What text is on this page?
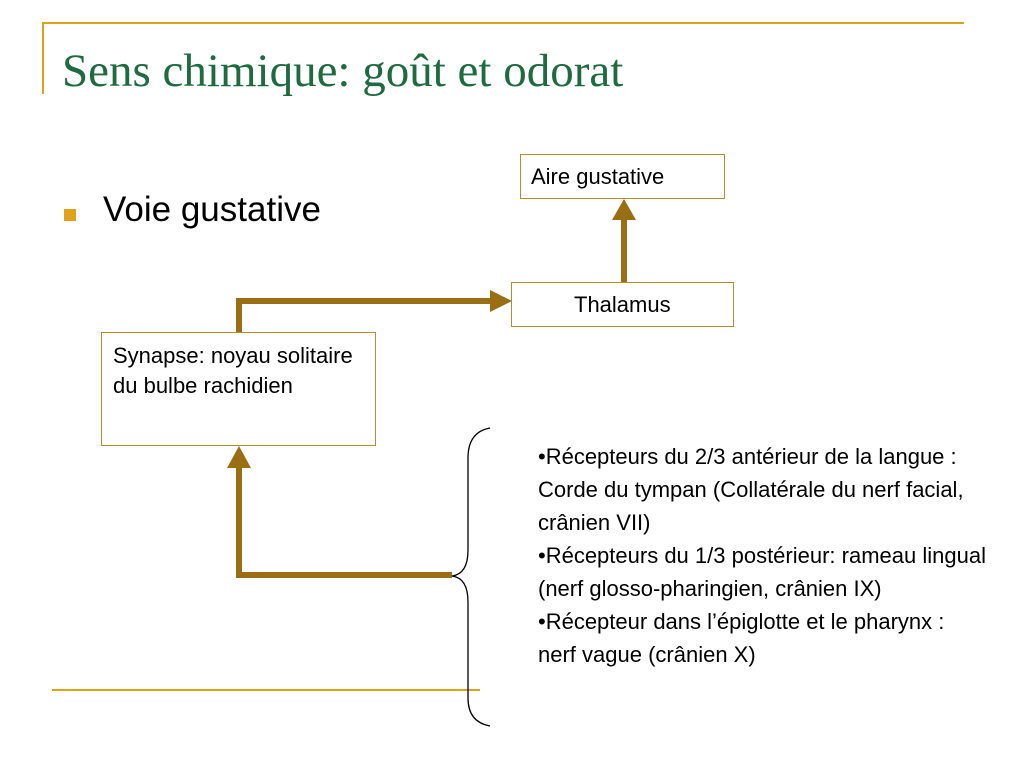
Sens chimique: goût et odorat
Voie gustative
Aire gustative
Thalamus
Synapse: noyau solitaire du bulbe rachidien
•Récepteurs du 2/3 antérieur de la langue : Corde du tympan (Collatérale du nerf facial, crânien VII)
•Récepteurs du 1/3 postérieur: rameau lingual (nerf glosso-pharingien, crânien IX)
•Récepteur dans l’épiglotte et le pharynx : nerf vague (crânien X)
